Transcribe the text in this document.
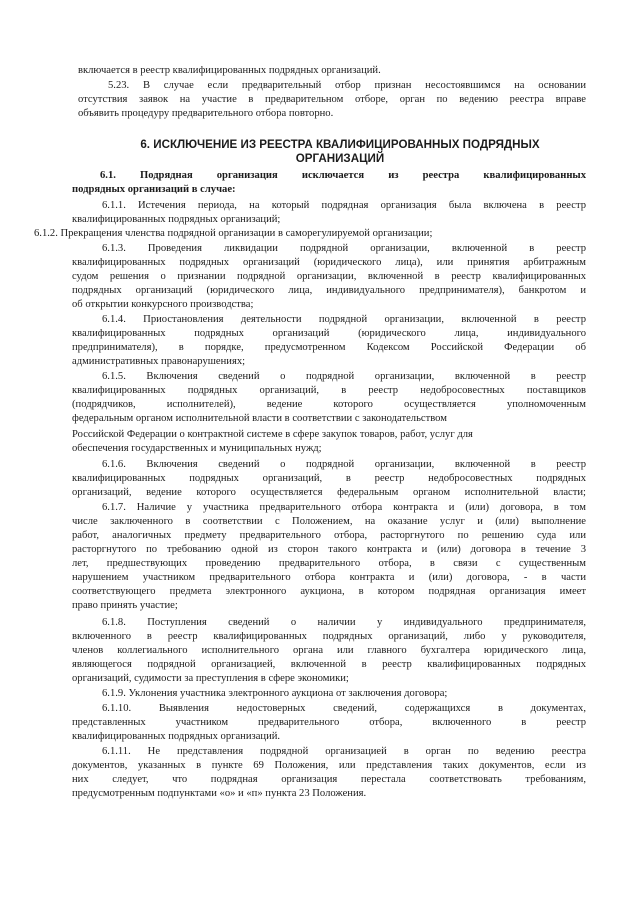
включается в реестр квалифицированных подрядных организаций.
5.23. В случае если предварительный отбор признан несостоявшимся на основании
отсутствия заявок на участие в предварительном отборе, орган по ведению реестра вправе
объявить процедуру предварительного отбора повторно.
6. ИСКЛЮЧЕНИЕ ИЗ РЕЕСТРА КВАЛИФИЦИРОВАННЫХ ПОДРЯДНЫХ
ОРГАНИЗАЦИЙ
6.1. Подрядная организация исключается из реестра квалифицированных
подрядных организаций в случае:
6.1.1. Истечения периода, на который подрядная организация была включена в реестр
квалифицированных подрядных организаций;
6.1.2. Прекращения членства подрядной организации в саморегулируемой организации;
6.1.3. Проведения ликвидации подрядной организации, включенной в реестр
квалифицированных подрядных организаций (юридического лица), или принятия арбитражным
судом решения о признании подрядной организации, включенной в реестр квалифицированных
подрядных организаций (юридического лица, индивидуального предпринимателя), банкротом и
об открытии конкурсного производства;
6.1.4. Приостановления деятельности подрядной организации, включенной в реестр
квалифицированных подрядных организаций (юридического лица, индивидуального
предпринимателя), в порядке, предусмотренном Кодексом Российской Федерации об
административных правонарушениях;
6.1.5. Включения сведений о подрядной организации, включенной в реестр
квалифицированных подрядных организаций, в реестр недобросовестных поставщиков
(подрядчиков, исполнителей), ведение которого осуществляется уполномоченным
федеральным органом исполнительной власти в соответствии с законодательством
Российской Федерации о контрактной системе в сфере закупок товаров, работ, услуг для
обеспечения государственных и муниципальных нужд;
6.1.6. Включения сведений о подрядной организации, включенной в реестр
квалифицированных подрядных организаций, в реестр недобросовестных подрядных
организаций, ведение которого осуществляется федеральным органом исполнительной власти;
6.1.7. Наличие у участника предварительного отбора контракта и (или) договора, в том
числе заключенного в соответствии с Положением, на оказание услуг и (или) выполнение
работ, аналогичных предмету предварительного отбора, расторгнутого по решению суда или
расторгнутого по требованию одной из сторон такого контракта и (или) договора в течение 3
лет, предшествующих проведению предварительного отбора, в связи с существенным
нарушением участником предварительного отбора контракта и (или) договора, - в части
соответствующего предмета электронного аукциона, в котором подрядная организация имеет
право принять участие;
6.1.8. Поступления сведений о наличии у индивидуального предпринимателя,
включенного в реестр квалифицированных подрядных организаций, либо у руководителя,
членов коллегиального исполнительного органа или главного бухгалтера юридического лица,
являющегося подрядной организацией, включенной в реестр квалифицированных подрядных
организаций, судимости за преступления в сфере экономики;
6.1.9. Уклонения участника электронного аукциона от заключения договора;
6.1.10. Выявления недостоверных сведений, содержащихся в документах,
представленных участником предварительного отбора, включенного в реестр
квалифицированных подрядных организаций.
6.1.11. Не представления подрядной организацией в орган по ведению реестра
документов, указанных в пункте 69 Положения, или представления таких документов, если из
них следует, что подрядная организация перестала соответствовать требованиям,
предусмотренным подпунктами «о» и «п» пункта 23 Положения.
